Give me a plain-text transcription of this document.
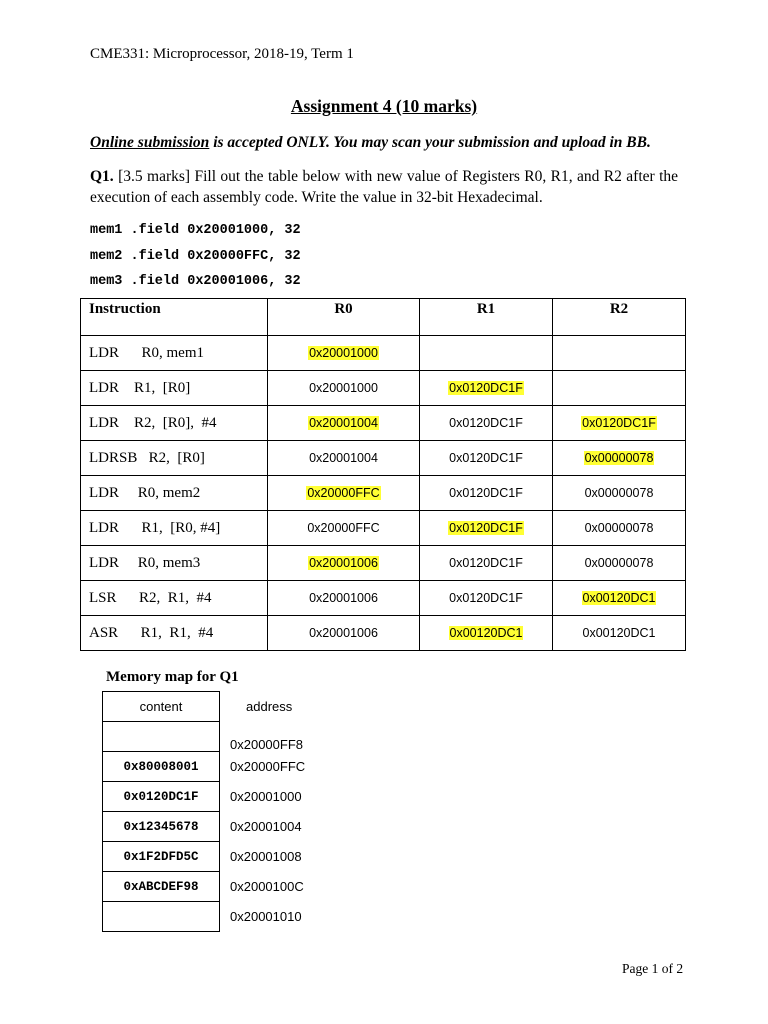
CME331: Microprocessor, 2018-19, Term 1
Assignment 4 (10 marks)
Online submission is accepted ONLY. You may scan your submission and upload in BB.
Q1. [3.5 marks] Fill out the table below with new value of Registers R0, R1, and R2 after the execution of each assembly code. Write the value in 32-bit Hexadecimal.
mem1 .field 0x20001000, 32
mem2 .field 0x20000FFC, 32
mem3 .field 0x20001006, 32
Instruction	R0	R1	R2
LDR      R0, mem1	0x20001000		
LDR    R1,  [R0]	0x20001000	0x0120DC1F	
LDR    R2,  [R0],  #4	0x20001004	0x0120DC1F	0x0120DC1F
LDRSB   R2,  [R0]	0x20001004	0x0120DC1F	0x00000078
LDR     R0, mem2	0x20000FFC	0x0120DC1F	0x00000078
LDR      R1,  [R0, #4]	0x20000FFC	0x0120DC1F	0x00000078
LDR     R0, mem3	0x20001006	0x0120DC1F	0x00000078
LSR      R2,  R1,  #4	0x20001006	0x0120DC1F	0x00120DC1
ASR      R1,  R1,  #4	0x20001006	0x00120DC1	0x00120DC1
Memory map for Q1
content	address
	0x20000FF8
0x80008001	0x20000FFC
0x0120DC1F	0x20001000
0x12345678	0x20001004
0x1F2DFD5C	0x20001008
0xABCDEF98	0x2000100C
	0x20001010
Page 1 of 2
